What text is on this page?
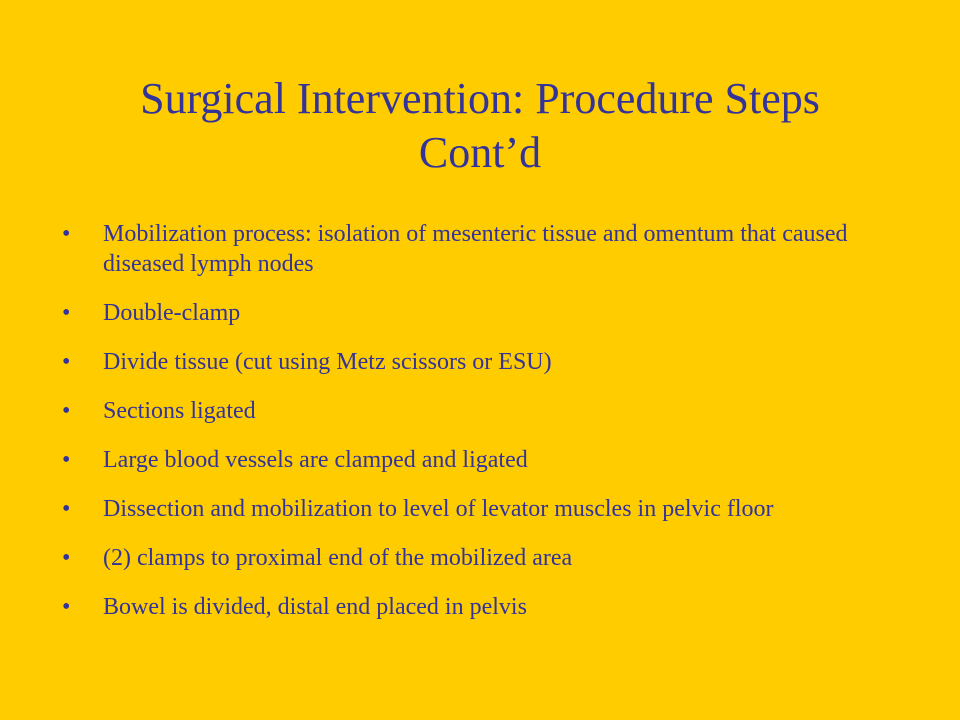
Surgical Intervention: Procedure Steps
Cont’d
• Mobilization process: isolation of mesenteric tissue and omentum that caused diseased lymph nodes
• Double-clamp
• Divide tissue (cut using Metz scissors or ESU)
• Sections ligated
• Large blood vessels are clamped and ligated
• Dissection and mobilization to level of levator muscles in pelvic floor
• (2) clamps to proximal end of the mobilized area
• Bowel is divided, distal end placed in pelvis
